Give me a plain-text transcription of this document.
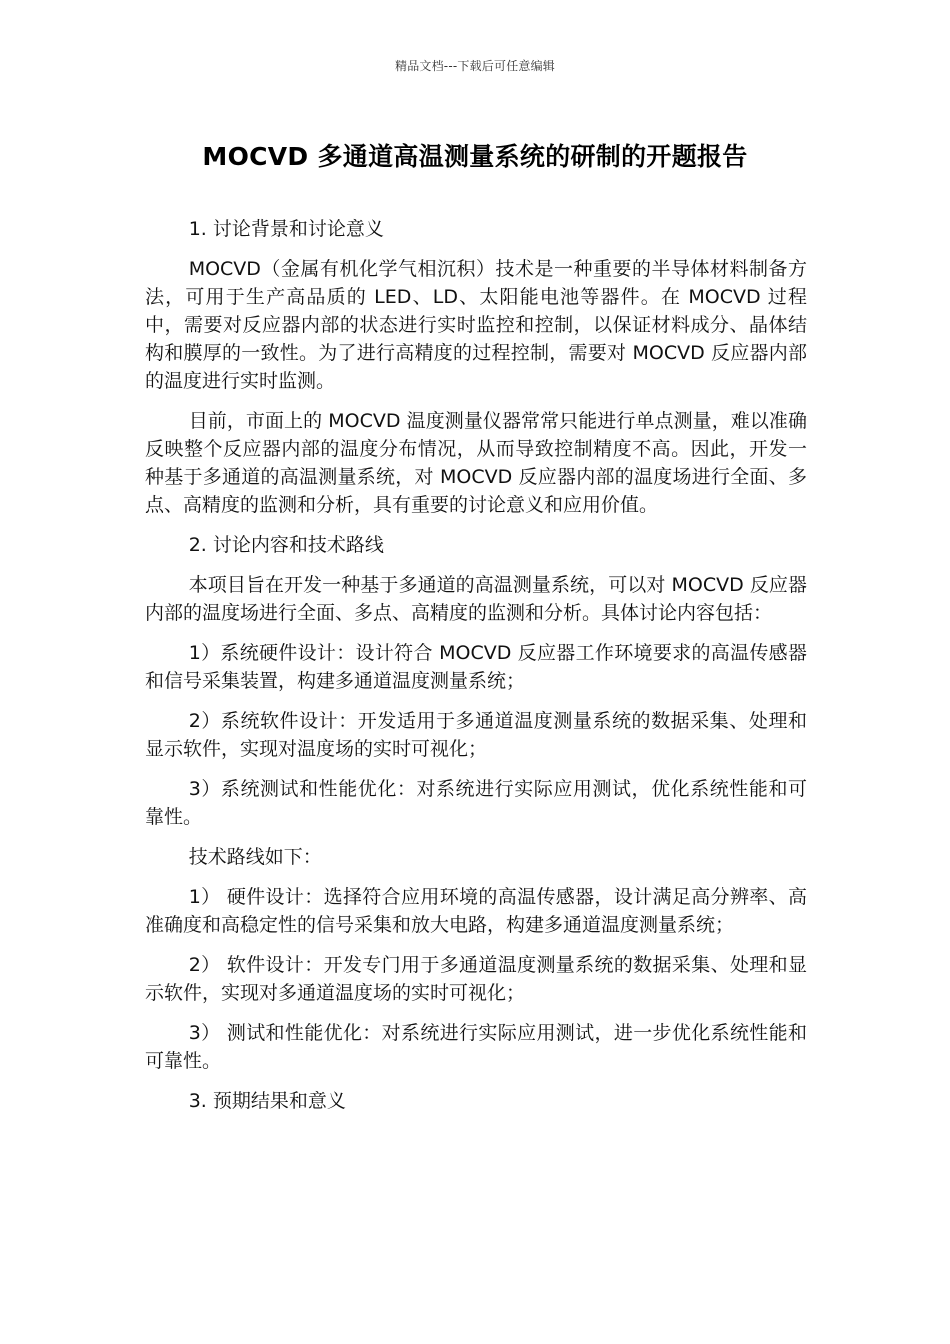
精品文档---下载后可任意编辑
MOCVD 多通道高温测量系统的研制的开题报告

1. 讨论背景和讨论意义

MOCVD（金属有机化学气相沉积）技术是一种重要的半导体材料制备方法，可用于生产高品质的 LED、LD、太阳能电池等器件。在 MOCVD 过程中，需要对反应器内部的状态进行实时监控和控制，以保证材料成分、晶体结构和膜厚的一致性。为了进行高精度的过程控制，需要对 MOCVD 反应器内部的温度进行实时监测。

目前，市面上的 MOCVD 温度测量仪器常常只能进行单点测量，难以准确反映整个反应器内部的温度分布情况，从而导致控制精度不高。因此，开发一种基于多通道的高温测量系统，对 MOCVD 反应器内部的温度场进行全面、多点、高精度的监测和分析，具有重要的讨论意义和应用价值。

2. 讨论内容和技术路线

本项目旨在开发一种基于多通道的高温测量系统，可以对 MOCVD 反应器内部的温度场进行全面、多点、高精度的监测和分析。具体讨论内容包括：

1）系统硬件设计：设计符合 MOCVD 反应器工作环境要求的高温传感器和信号采集装置，构建多通道温度测量系统；

2）系统软件设计：开发适用于多通道温度测量系统的数据采集、处理和显示软件，实现对温度场的实时可视化；

3）系统测试和性能优化：对系统进行实际应用测试，优化系统性能和可靠性。

技术路线如下：

1） 硬件设计：选择符合应用环境的高温传感器，设计满足高分辨率、高准确度和高稳定性的信号采集和放大电路，构建多通道温度测量系统；

2） 软件设计：开发专门用于多通道温度测量系统的数据采集、处理和显示软件，实现对多通道温度场的实时可视化；

3） 测试和性能优化：对系统进行实际应用测试，进一步优化系统性能和可靠性。

3. 预期结果和意义
